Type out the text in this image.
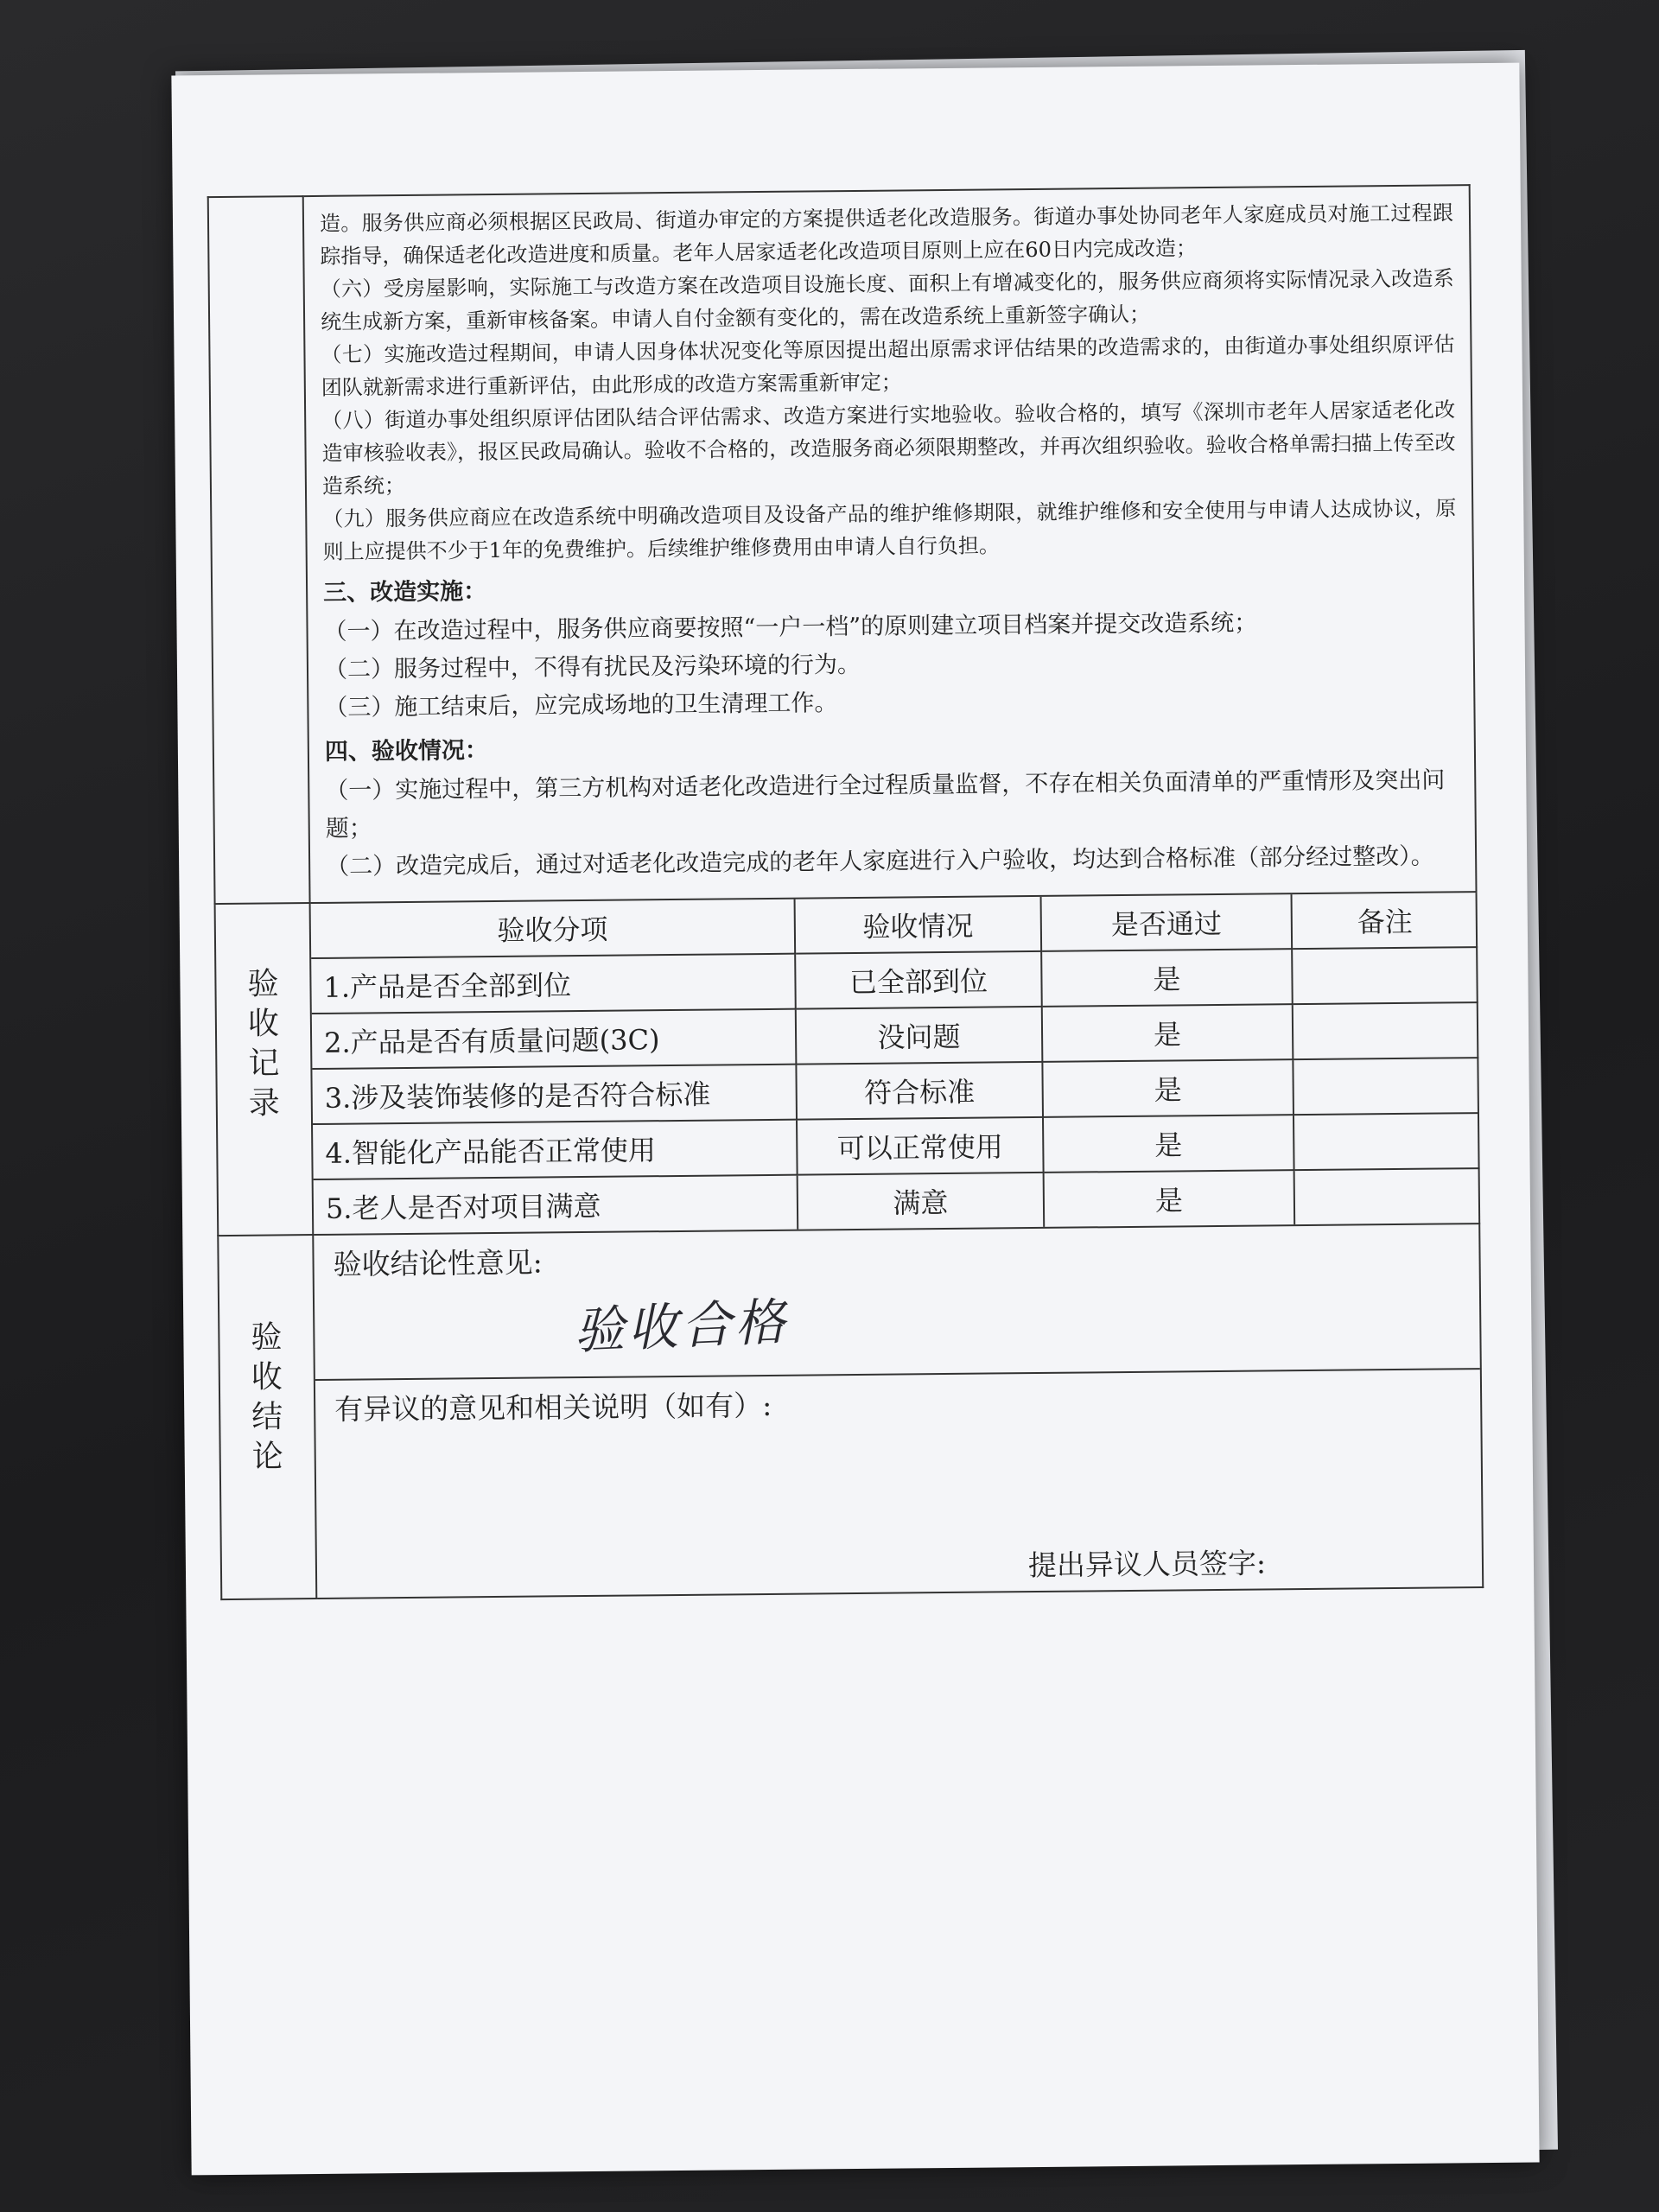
造。服务供应商必须根据区民政局、街道办审定的方案提供适老化改造服务。街道办事处协同老年人家庭成员对施工过程跟踪指导，确保适老化改造进度和质量。老年人居家适老化改造项目原则上应在60日内完成改造；

（六）受房屋影响，实际施工与改造方案在改造项目设施长度、面积上有增减变化的，服务供应商须将实际情况录入改造系统生成新方案，重新审核备案。申请人自付金额有变化的，需在改造系统上重新签字确认；

（七）实施改造过程期间，申请人因身体状况变化等原因提出超出原需求评估结果的改造需求的，由街道办事处组织原评估团队就新需求进行重新评估，由此形成的改造方案需重新审定；

（八）街道办事处组织原评估团队结合评估需求、改造方案进行实地验收。验收合格的，填写《深圳市老年人居家适老化改造审核验收表》，报区民政局确认。验收不合格的，改造服务商必须限期整改，并再次组织验收。验收合格单需扫描上传至改造系统；

（九）服务供应商应在改造系统中明确改造项目及设备产品的维护维修期限，就维护维修和安全使用与申请人达成协议，原则上应提供不少于1年的免费维护。后续维护维修费用由申请人自行负担。

三、改造实施：

（一）在改造过程中，服务供应商要按照“一户一档”的原则建立项目档案并提交改造系统；

（二）服务过程中，不得有扰民及污染环境的行为。

（三）施工结束后，应完成场地的卫生清理工作。

四、验收情况：

（一）实施过程中，第三方机构对适老化改造进行全过程质量监督，不存在相关负面清单的严重情形及突出问题；

（二）改造完成后，通过对适老化改造完成的老年人家庭进行入户验收，均达到合格标准（部分经过整改）。

验
收
记
录

验收分项	验收情况	是否通过	备注
1.产品是否全部到位	已全部到位	是	
2.产品是否有质量问题(3C)	没问题	是	
3.涉及装饰装修的是否符合标准	符合标准	是	
4.智能化产品能否正常使用	可以正常使用	是	
5.老人是否对项目满意	满意	是	

验
收
结
论

验收结论性意见:
验收合格
有异议的意见和相关说明（如有）:
提出异议人员签字:
